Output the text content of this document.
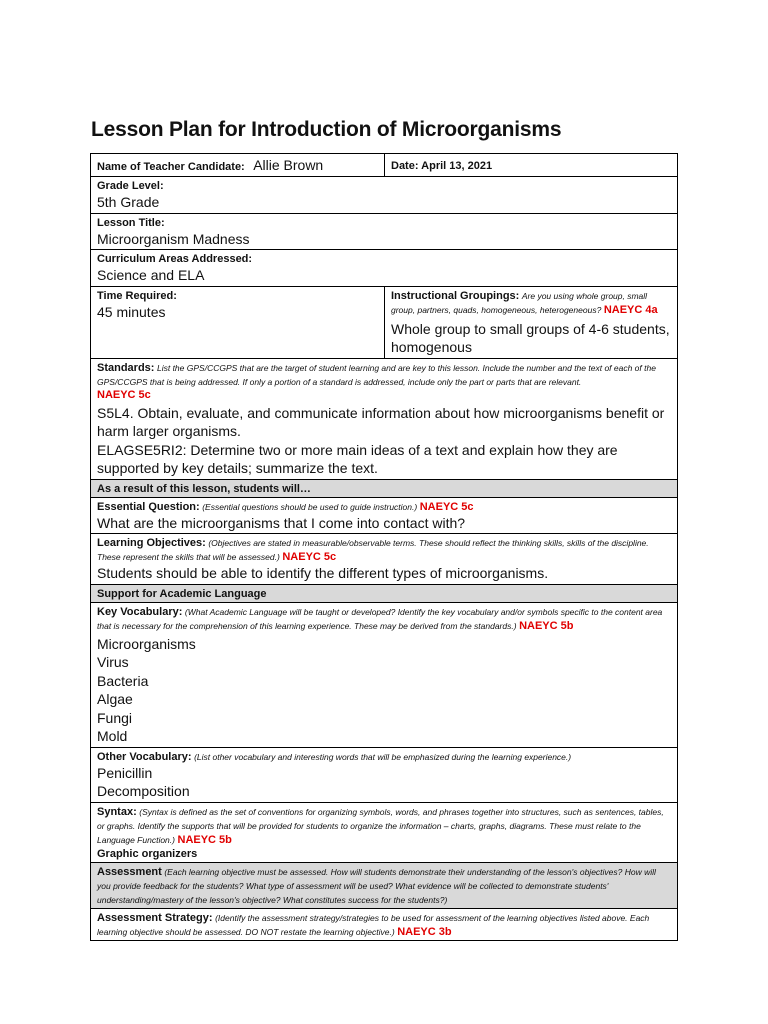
Lesson Plan for Introduction of Microorganisms
Name of Teacher Candidate: Allie Brown	Date: April 13, 2021
Grade Level:
5th Grade
Lesson Title:
Microorganism Madness
Curriculum Areas Addressed:
Science and ELA
Time Required:
45 minutes
Instructional Groupings: Are you using whole group, small group, partners, quads, homogeneous, heterogeneous? NAEYC 4a
Whole group to small groups of 4-6 students, homogenous
Standards: List the GPS/CCGPS that are the target of student learning and are key to this lesson. Include the number and the text of each of the GPS/CCGPS that is being addressed. If only a portion of a standard is addressed, include only the part or parts that are relevant.
NAEYC 5c
S5L4. Obtain, evaluate, and communicate information about how microorganisms benefit or harm larger organisms.
ELAGSE5RI2: Determine two or more main ideas of a text and explain how they are supported by key details; summarize the text.
As a result of this lesson, students will…
Essential Question: (Essential questions should be used to guide instruction.) NAEYC 5c
What are the microorganisms that I come into contact with?
Learning Objectives: (Objectives are stated in measurable/observable terms. These should reflect the thinking skills, skills of the discipline. These represent the skills that will be assessed.) NAEYC 5c
Students should be able to identify the different types of microorganisms.
Support for Academic Language
Key Vocabulary: (What Academic Language will be taught or developed? Identify the key vocabulary and/or symbols specific to the content area that is necessary for the comprehension of this learning experience. These may be derived from the standards.) NAEYC 5b
Microorganisms
Virus
Bacteria
Algae
Fungi
Mold
Other Vocabulary: (List other vocabulary and interesting words that will be emphasized during the learning experience.)
Penicillin
Decomposition
Syntax: (Syntax is defined as the set of conventions for organizing symbols, words, and phrases together into structures, such as sentences, tables, or graphs. Identify the supports that will be provided for students to organize the information – charts, graphs, diagrams. These must relate to the Language Function.) NAEYC 5b
Graphic organizers
Assessment (Each learning objective must be assessed. How will students demonstrate their understanding of the lesson's objectives? How will you provide feedback for the students? What type of assessment will be used? What evidence will be collected to demonstrate students' understanding/mastery of the lesson's objective? What constitutes success for the students?)
Assessment Strategy: (Identify the assessment strategy/strategies to be used for assessment of the learning objectives listed above. Each learning objective should be assessed. DO NOT restate the learning objective.) NAEYC 3b
